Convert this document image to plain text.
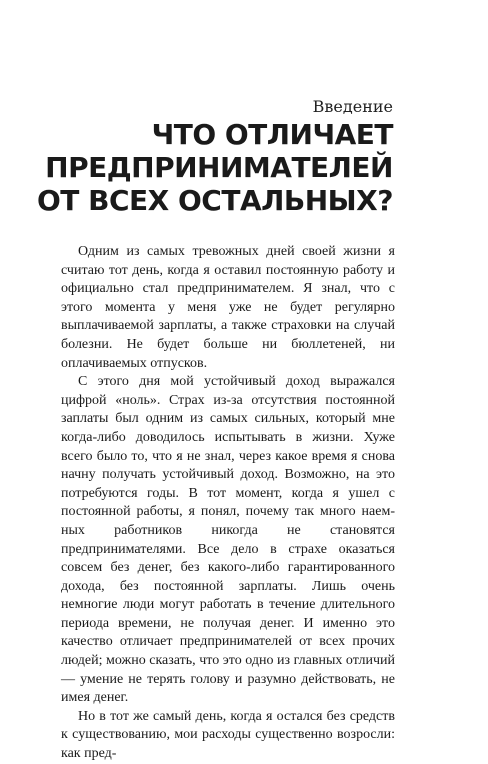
Введение
ЧТО ОТЛИЧАЕТ
ПРЕДПРИНИМАТЕЛЕЙ
ОТ ВСЕХ ОСТАЛЬНЫХ?

Одним из самых тревожных дней своей жизни я считаю тот день, когда я оставил постоянную работу и официально стал предпринимателем. Я знал, что с этого момента у меня уже не будет регулярно выплачиваемой зарплаты, а также страховки на случай болезни. Не будет больше ни бюллетеней, ни оплачиваемых отпусков.

С этого дня мой устойчивый доход выражался цифрой «ноль». Страх из-за отсутствия постоянной заплаты был одним из самых сильных, который мне когда-либо доводилось испытывать в жизни. Хуже всего было то, что я не знал, через какое время я снова начну получать устойчивый доход. Возможно, на это потребуются годы. В тот момент, когда я ушел с постоянной работы, я понял, почему так много наемных работников никогда не становятся предпринимателями. Все дело в страхе оказаться совсем без денег, без какого-либо гарантированного дохода, без постоянной зарплаты. Лишь очень немногие люди могут работать в течение длительного периода времени, не получая денег. И именно это качество отличает предпринимателей от всех прочих людей; можно сказать, что это одно из главных отличий — умение не терять голову и разумно действовать, не имея денег.

Но в тот же самый день, когда я остался без средств к существованию, мои расходы существенно возросли: как пред-
